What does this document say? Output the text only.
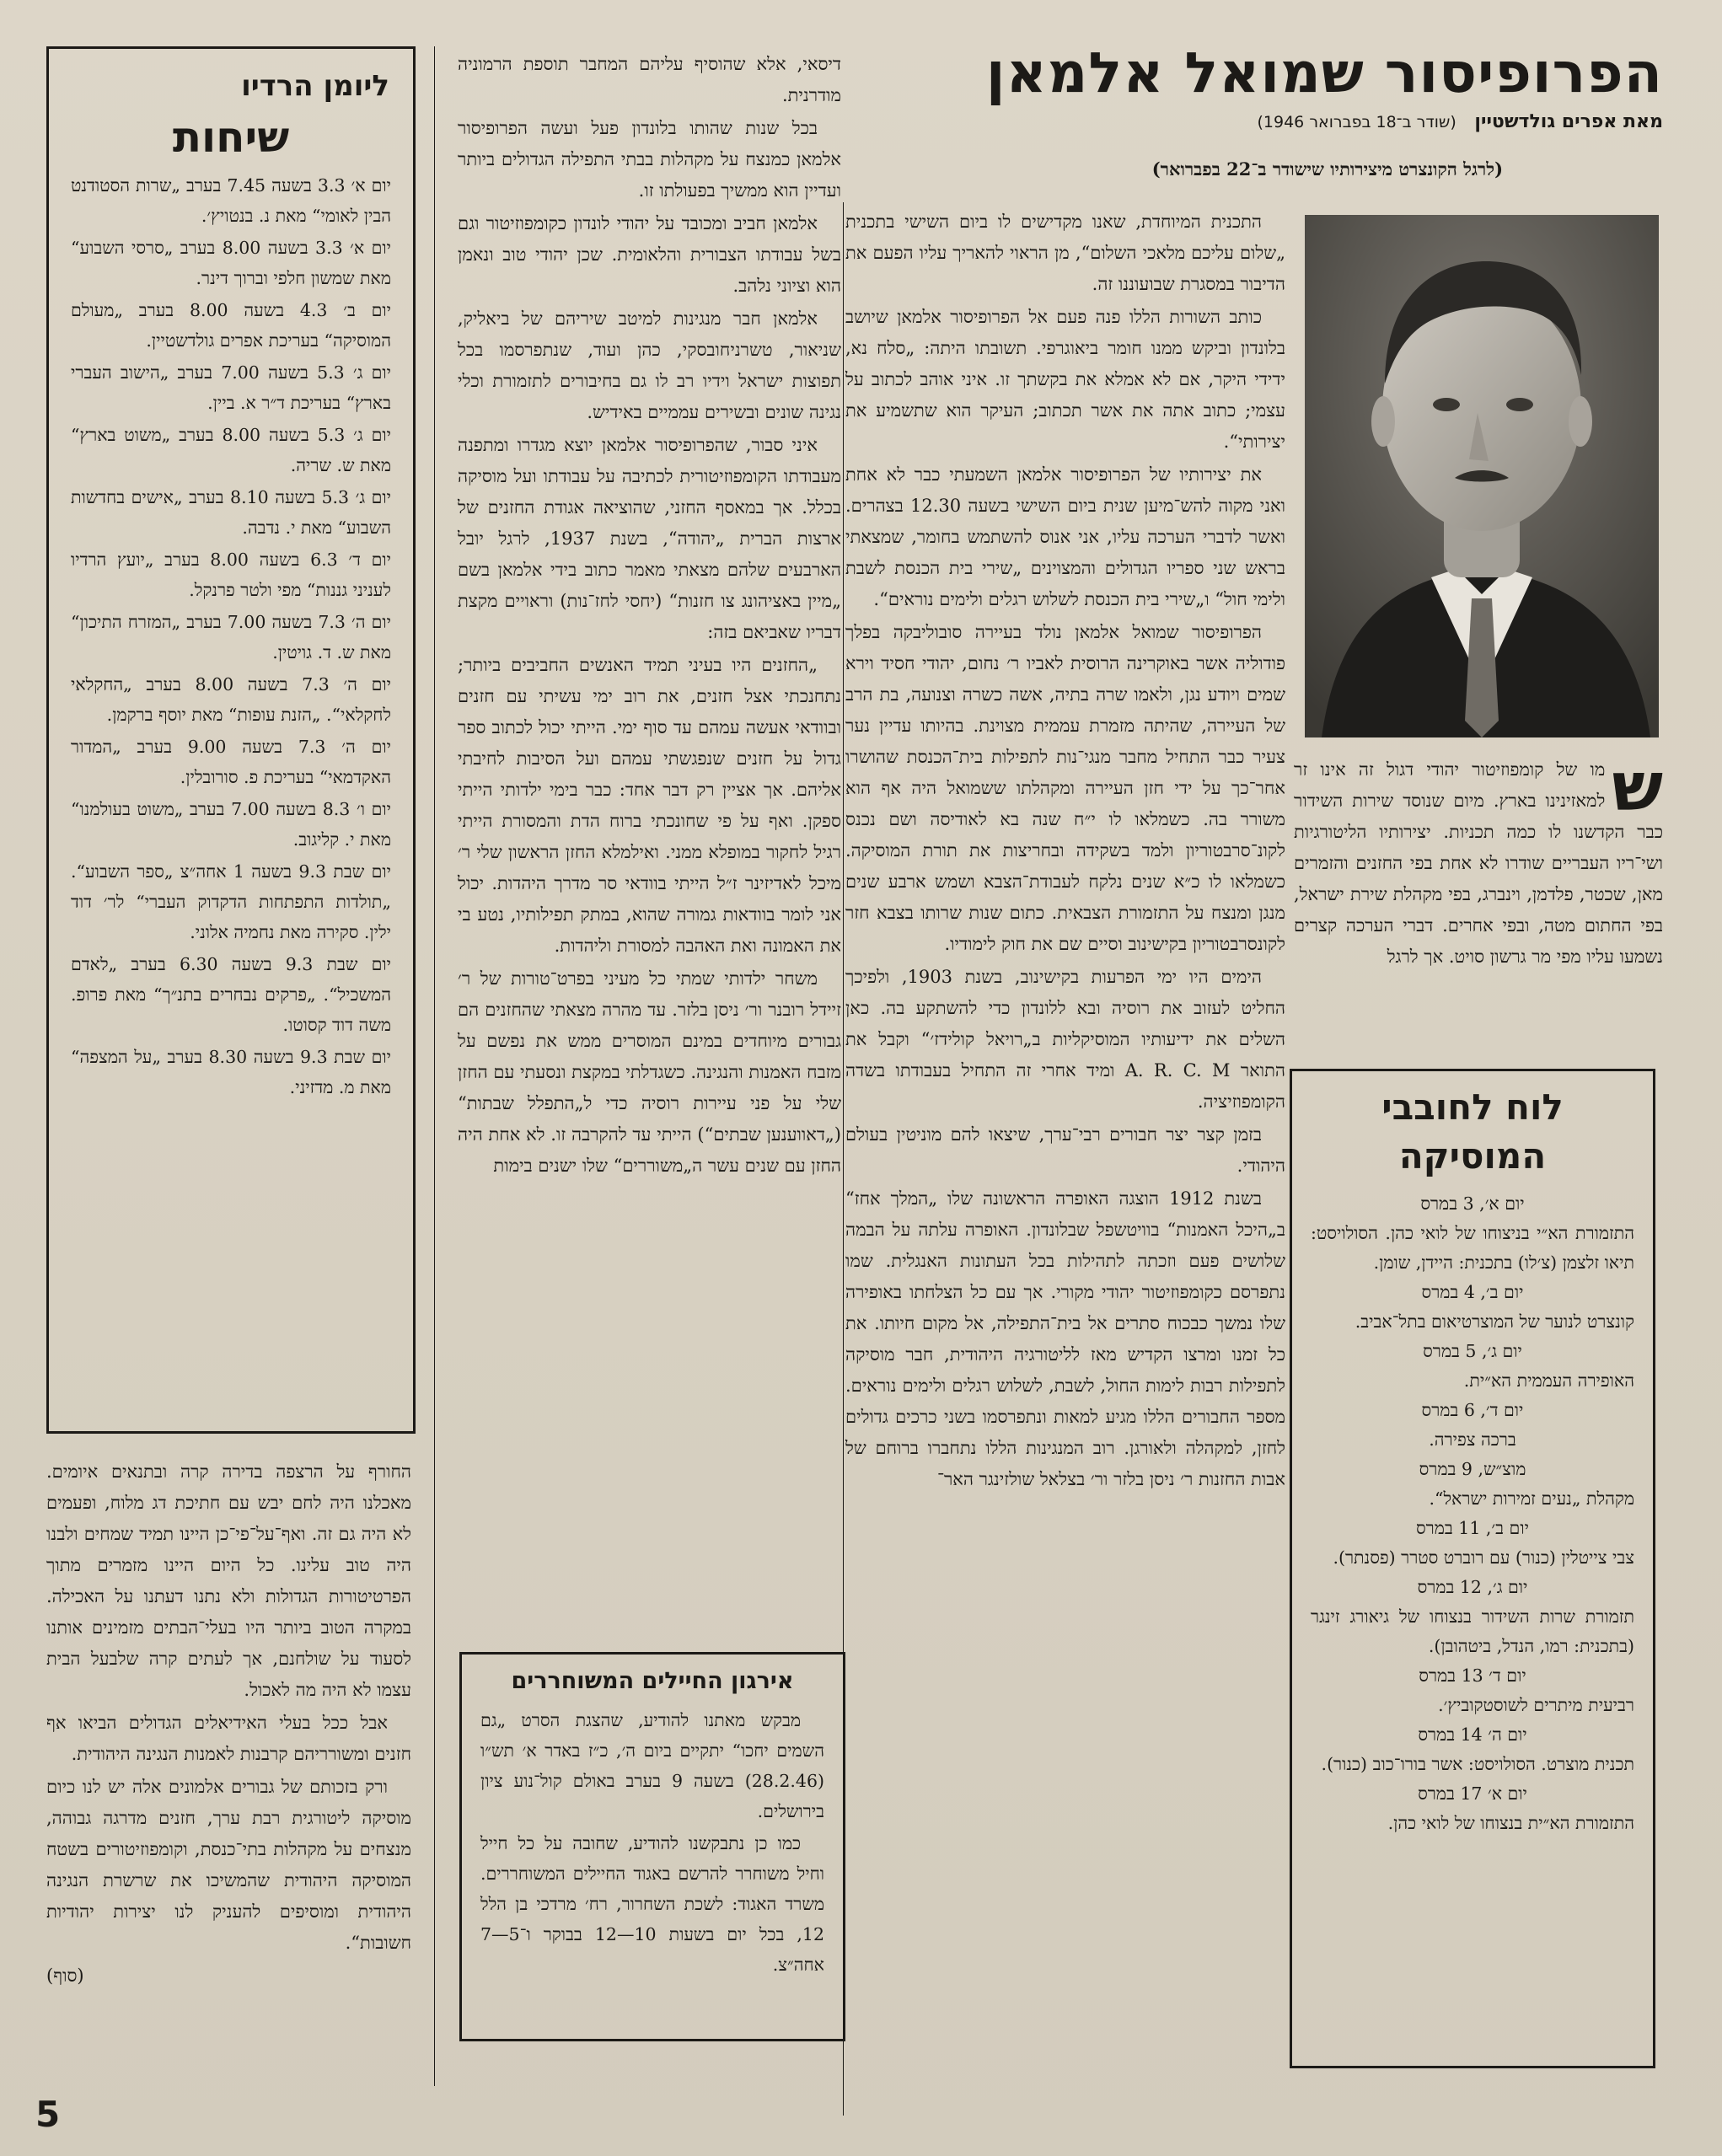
הפרופיסור שמואל אלמאן
מאת אפרים גולדשטיין (שודר ב־18 בפברואר 1946)
(לרגל הקונצרט מיצירותיו שישודר ב־22 בפברואר)
ש
מו של קומפוזיטור יהודי דגול זה אינו זר למאזינינו בארץ. מיום שנוסד שירות השידור כבר הקדשנו לו כמה תכניות. יצירותיו הליטורגיות ושי־ריו העבריים שודרו לא אחת בפי החזנים והזמרים מאן, שכטר, פלדמן, וינברג, בפי מקהלת שירת ישראל, בפי החתום מטה, ובפי אחרים. דברי הערכה קצרים נשמעו עליו מפי מר גרשון סויט. אך לרגל

התכנית המיוחדת, שאנו מקדישים לו ביום השישי בתכנית „שלום עליכם מלאכי השלום“, מן הראוי להאריך עליו הפעם את הדיבור במסגרת שבועוננו זה.

כותב השורות הללו פנה פעם אל הפרופיסור אלמאן שיושב בלונדון וביקש ממנו חומר ביאוגרפי. תשובתו היתה: „סלח נא, ידידי היקר, אם לא אמלא את בקשתך זו. איני אוהב לכתוב על עצמי; כתוב אתה את אשר תכתוב; העיקר הוא שתשמיע את יצירותי“.

את יצירותיו של הפרופיסור אלמאן השמעתי כבר לא אחת ואני מקוה להש־מיען שנית ביום השישי בשעה 12.30 בצהרים. ואשר לדברי הערכה עליו, אני אנוס להשתמש בחומר, שמצאתי בראש שני ספריו הגדולים והמצוינים „שירי בית הכנסת לשבת ולימי חול“ ו„שירי בית הכנסת לשלוש רגלים ולימים נוראים“.

הפרופיסור שמואל אלמאן נולד בעיירה סובוליבקה בפלך פודוליה אשר באוקרינה הרוסית לאביו ר׳ נחום, יהודי חסיד וירא שמים ויודע נגן, ולאמו שרה בתיה, אשה כשרה וצנועה, בת הרב של העיירה, שהיתה מזמרת עממית מצוינת. בהיותו עדיין נער צעיר כבר התחיל מחבר מנגי־נות לתפילות בית־הכנסת שהושרו אחר־כך על ידי חזן העיירה ומקהלתו ששמואל היה אף הוא משורר בה. כשמלאו לו י״ח שנה בא לאודיסה ושם נכנס לקונ־סרבטוריון ולמד בשקידה ובחריצות את תורת המוסיקה. כשמלאו לו כ״א שנים נלקח לעבודת־הצבא ושמש ארבע שנים מנגן ומנצח על התזמורת הצבאית. כתום שנות שרותו בצבא חזר לקונסרבטוריון בקישינוב וסיים שם את חוק לימודיו.

הימים היו ימי הפרעות בקישינוב, בשנת 1903, ולפיכך החליט לעזוב את רוסיה ובא ללונדון כדי להשתקע בה. כאן השלים את ידיעותיו המוסיקליות ב„רויאל קולידז׳“ וקבל את התואר A. R. C. M ומיד אחרי זה התחיל בעבודתו בשדה הקומפוזיציה.

בזמן קצר יצר חבורים רבי־ערך, שיצאו להם מוניטין בעולם היהודי.

בשנת 1912 הוצגה האופרה הראשונה שלו „המלך אחז“ ב„היכל האמנות“ בוויטשפל שבלונדון. האופרה עלתה על הבמה שלושים פעם וזכתה לתהילות בכל העתונות האנגלית. שמו נתפרסם כקומפוזיטור יהודי מקורי. אך עם כל הצלחתו באופירה שלו נמשך כבכוח סתרים אל בית־התפילה, אל מקום חיותו. את כל זמנו ומרצו הקדיש מאז לליטורגיה היהודית, חבר מוסיקה לתפילות רבות לימות החול, לשבת, לשלוש רגלים ולימים נוראים. מספר החבורים הללו מגיע למאות ונתפרסמו בשני כרכים גדולים לחזן, למקהלה ולאורגן. רוב המנגינות הללו נתחברו ברוחם של אבות החזנות ר׳ ניסן בלזר ור׳ בצלאל שולזינגר האר־

דיסאי, אלא שהוסיף עליהם המחבר תוספת הרמוניה מודרנית.

בכל שנות שהותו בלונדון פעל ועשה הפרופיסור אלמאן כמנצח על מקהלות בבתי התפילה הגדולים ביותר ועדיין הוא ממשיך בפעולתו זו.

אלמאן חביב ומכובד על יהודי לונדון כקומפוזיטור וגם בשל עבודתו הצבורית והלאומית. שכן יהודי טוב ונאמן הוא וציוני נלהב.

אלמאן חבר מנגינות למיטב שיריהם של ביאליק, שניאור, טשרניחובסקי, כהן ועוד, שנתפרסמו בכל תפוצות ישראל וידיו רב לו גם בחיבורים לתזמורת וכלי נגינה שונים ובשירים עממיים באידיש.

איני סבור, שהפרופיסור אלמאן יוצא מגדרו ומתפנה מעבודתו הקומפוזיטורית לכתיבה על עבודתו ועל מוסיקה בכלל. אך במאסף החזני, שהוציאה אגודת החזנים של ארצות הברית „יהודה“, בשנת 1937, לרגל יובל הארבעים שלהם מצאתי מאמר כתוב בידי אלמאן בשם „מיין באציהונג צו חזנות“ (יחסי לחז־נות) וראויים מקצת דבריו שאביאם בזה:

„החזנים היו בעיני תמיד האנשים החביבים ביותר; נתחנכתי אצל חזנים, את רוב ימי עשיתי עם חזנים ובוודאי אעשה עמהם עד סוף ימי. הייתי יכול לכתוב ספר גדול על חזנים שנפגשתי עמהם ועל הסיבות לחיבתי אליהם. אך אציין רק דבר אחד: כבר בימי ילדותי הייתי ספקן. ואף על פי שחונכתי ברוח הדת והמסורת הייתי רגיל לחקור במופלא ממני. ואילמלא החזן הראשון שלי ר׳ מיכל לאדיזינר ז״ל הייתי בוודאי סר מדרך היהדות. יכול אני לומר בוודאות גמורה שהוא, במתק תפילותיו, נטע בי את האמונה ואת האהבה למסורת וליהדות.

משחר ילדותי שמתי כל מעיני בפרט־טורות של ר׳ זיידל רובנר ור׳ ניסן בלזר. עד מהרה מצאתי שהחזנים הם גבורים מיוחדים במינם המוסרים ממש את נפשם על מזבח האמנות והנגינה. כשגדלתי במקצת ונסעתי עם החזן שלי על פני עיירות רוסיה כדי ל„התפלל שבתות“ („דאווענען שבתים“) הייתי עד להקרבה זו. לא אחת היה החזן עם שנים עשר ה„משוררים“ שלו ישנים בימות

החורף על הרצפה בדירה קרה ובתנאים איומים. מאכלנו היה לחם יבש עם חתיכת דג מלוח, ופעמים לא היה גם זה. ואף־על־פי־כן היינו תמיד שמחים ולבנו היה טוב עלינו. כל היום היינו מזמרים מתוך הפרטיטורות הגדולות ולא נתנו דעתנו על האכילה. במקרה הטוב ביותר היו בעלי־הבתים מזמינים אותנו לסעוד על שולחנם, אך לעתים קרה שלבעל הבית עצמו לא היה מה לאכול.

אבל ככל בעלי האידיאלים הגדולים הביאו אף חזנים ומשורריהם קרבנות לאמנות הנגינה היהודית.

ורק בזכותם של גבורים אלמונים אלה יש לנו כיום מוסיקה ליטורגית רבת ערך, חזנים מדרגה גבוהה, מנצחים על מקהלות בתי־כנסת, וקומפוזיטורים בשטח המוסיקה היהודית שהמשיכו את שרשרת הנגינה היהודית ומוסיפים להעניק לנו יצירות יהודיות חשובות“.

(סוף)
ליומן הרדיו
שיחות

יום א׳ 3.3 בשעה 7.45 בערב „שרות הסטודנט הבין לאומי“ מאת נ. בנטויץ׳.

יום א׳ 3.3 בשעה 8.00 בערב „סרסי השבוע“ מאת שמשון חלפי וברוך דינר.

יום ב׳ 4.3 בשעה 8.00 בערב „מעולם המוסיקה“ בעריכת אפרים גולדשטיין.

יום ג׳ 5.3 בשעה 7.00 בערב „הישוב העברי בארץ“ בעריכת ד״ר א. ביין.

יום ג׳ 5.3 בשעה 8.00 בערב „משוט בארץ“ מאת ש. שריה.

יום ג׳ 5.3 בשעה 8.10 בערב „אישים בחדשות השבוע“ מאת י. נדבה.

יום ד׳ 6.3 בשעה 8.00 בערב „יועץ הרדיו לעניני גננות“ מפי ולטר פרנקל.

יום ה׳ 7.3 בשעה 7.00 בערב „המזרח התיכון“ מאת ש. ד. גויטין.

יום ה׳ 7.3 בשעה 8.00 בערב „החקלאי לחקלאי“. „הזנת עופות“ מאת יוסף ברקמן.

יום ה׳ 7.3 בשעה 9.00 בערב „המדור האקדמאי“ בעריכת פ. סורובלין.

יום ו׳ 8.3 בשעה 7.00 בערב „משוט בעולמנו“ מאת י. קליגוב.

יום שבת 9.3 בשעה 1 אחה״צ „ספר השבוע“. „תולדות התפתחות הדקדוק העברי“ לר׳ דוד ילין. סקירה מאת נחמיה אלוני.

יום שבת 9.3 בשעה 6.30 בערב „לאדם המשכיל“. „פרקים נבחרים בתנ״ך“ מאת פרופ. משה דוד קסוטו.

יום שבת 9.3 בשעה 8.30 בערב „על המצפה“ מאת מ. מדזיני.

אירגון החיילים המשוחררים

מבקש מאתנו להודיע, שהצגת הסרט „גם השמים יחכו“ יתקיים ביום ה׳, כ״ז באדר א׳ תש״ו (28.2.46) בשעה 9 בערב באולם קול־נוע ציון בירושלים.

כמו כן נתבקשנו להודיע, שחובה על כל חייל וחיל משוחרר להרשם באגוד החיילים המשוחררים. משרד האגוד: לשכת השחרור, רח׳ מרדכי בן הלל 12, בכל יום בשעות 10—12 בבוקר ו־5—7 אחה״צ.

לוח לחובבי
המוסיקה
יום א׳, 3 במרס

התזמורת הא״י בניצוחו של לואי כהן. הסולויסט: תיאו זלצמן (צ׳לו) בתכנית: היידן, שומן.

יום ב׳, 4 במרס

קונצרט לנוער של המוצרטיאום בתל־אביב.

יום ג׳, 5 במרס

האופירה העממית הא״ית.

יום ד׳, 6 במרס

ברכה צפירה.

מוצ״ש, 9 במרס

מקהלת „נעים זמירות ישראל“.

יום ב׳, 11 במרס

צבי צייטלין (כנור) עם רוברט סטרר (פסנתר).

יום ג׳, 12 במרס

תזמורת שרות השידור בנצוחו של גיאורג זינגר (בתכנית: רמו, הנדל, ביטהובן).

יום ד׳ 13 במרס

רביעית מיתרים לשוסטקוביץ׳.

יום ה׳ 14 במרס

תכנית מוצרט. הסולויסט: אשר בורו־כוב (כנור).

יום א׳ 17 במרס

התזמורת הא״ית בנצוחו של לואי כהן.

5
